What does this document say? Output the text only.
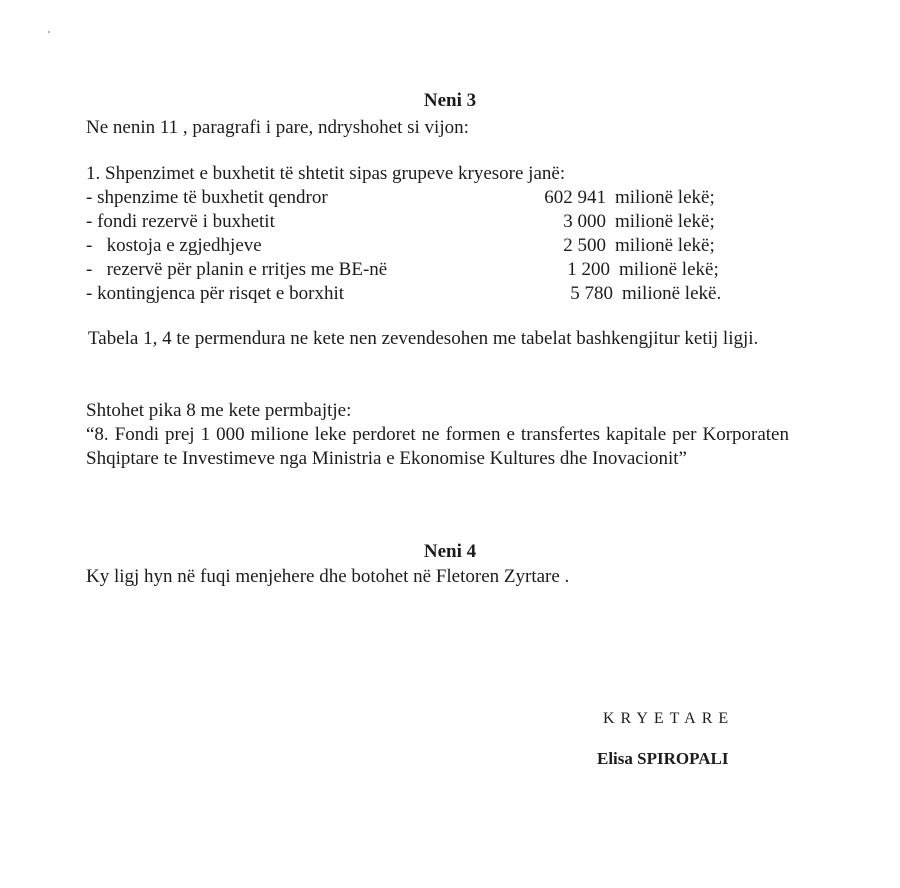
Neni 3
Ne nenin 11 , paragrafi i pare, ndryshohet si vijon:
1. Shpenzimet e buxhetit të shtetit sipas grupeve kryesore janë:
- shpenzime të buxhetit qendror	602 941 milionë lekë;
- fondi rezervë i buxhetit	3 000 milionë lekë;
-   kostoja e zgjedhjeve	2 500 milionë lekë;
-   rezervë për planin e rritjes me BE-në	1 200 milionë lekë;
- kontingjenca për risqet e borxhit	5 780 milionë lekë.
Tabela 1, 4 te permendura ne kete nen zevendesohen me tabelat bashkengjitur ketij ligji.
Shtohet pika 8 me kete permbajtje:
“8. Fondi prej 1 000 milione leke perdoret ne formen e transfertes kapitale per Korporaten Shqiptare te Investimeve nga Ministria e Ekonomise Kultures dhe Inovacionit”
Neni 4
Ky ligj hyn në fuqi menjehere dhe botohet në Fletoren Zyrtare .
KRYETARE
Elisa SPIROPALI
